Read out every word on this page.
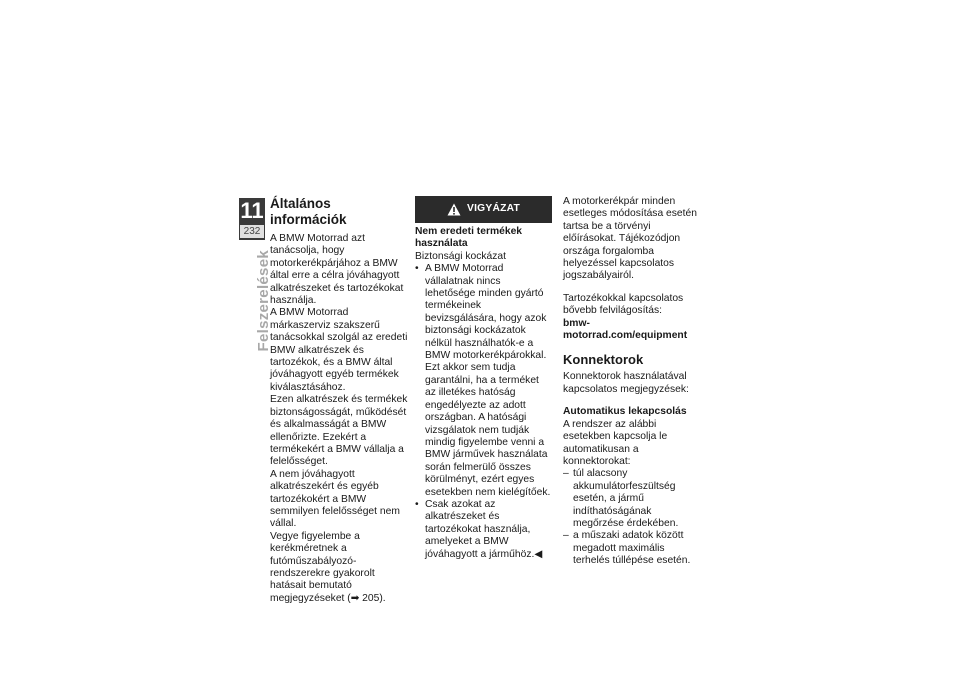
11
232
Felszerelések
Általános információk

A BMW Motorrad azt tanácsolja, hogy motorkerékpárjához a BMW által erre a célra jóváhagyott alkatrészeket és tartozékokat használja.

A BMW Motorrad márkaszerviz szakszerű tanácsokkal szolgál az eredeti BMW alkatrészek és tartozékok, és a BMW által jóváhagyott egyéb termékek kiválasztásához.

Ezen alkatrészek és termékek biztonságosságát, működését és alkalmasságát a BMW ellenőrizte. Ezekért a termékekért a BMW vállalja a felelősséget.

A nem jóváhagyott alkatrészekért és egyéb tartozékokért a BMW semmilyen felelősséget nem vállal.

Vegye figyelembe a kerékméretnek a futóműszabályozó-rendszerekre gyakorolt hatásait bemutató megjegyzéseket (➡ 205).

VIGYÁZAT
Nem eredeti termékek használata

Biztonsági kockázat

• A BMW Motorrad vállalatnak nincs lehetősége minden gyártó termékeinek bevizsgálására, hogy azok biztonsági kockázatok nélkül használhatók-e a BMW motorkerékpárokkal. Ezt akkor sem tudja garantálni, ha a terméket az illetékes hatóság engedélyezte az adott országban. A hatósági vizsgálatok nem tudják mindig figyelembe venni a BMW járművek használata során felmerülő összes körülményt, ezért egyes esetekben nem kielégítőek.
• Csak azokat az alkatrészeket és tartozékokat használja, amelyeket a BMW jóváhagyott a járműhöz.◀

A motorkerékpár minden esetleges módosítása esetén tartsa be a törvényi előírásokat. Tájékozódjon országa forgalomba helyezéssel kapcsolatos jogszabályairól.

Tartozékokkal kapcsolatos bővebb felvilágosítás:

bmw-motorrad.com/equipment

Konnektorok

Konnektorok használatával kapcsolatos megjegyzések:

Automatikus lekapcsolás

A rendszer az alábbi esetekben kapcsolja le automatikusan a konnektorokat:

– túl alacsony akkumulátorfeszültség esetén, a jármű indíthatóságának megőrzése érdekében.
– a műszaki adatok között megadott maximális terhelés túllépése esetén.
